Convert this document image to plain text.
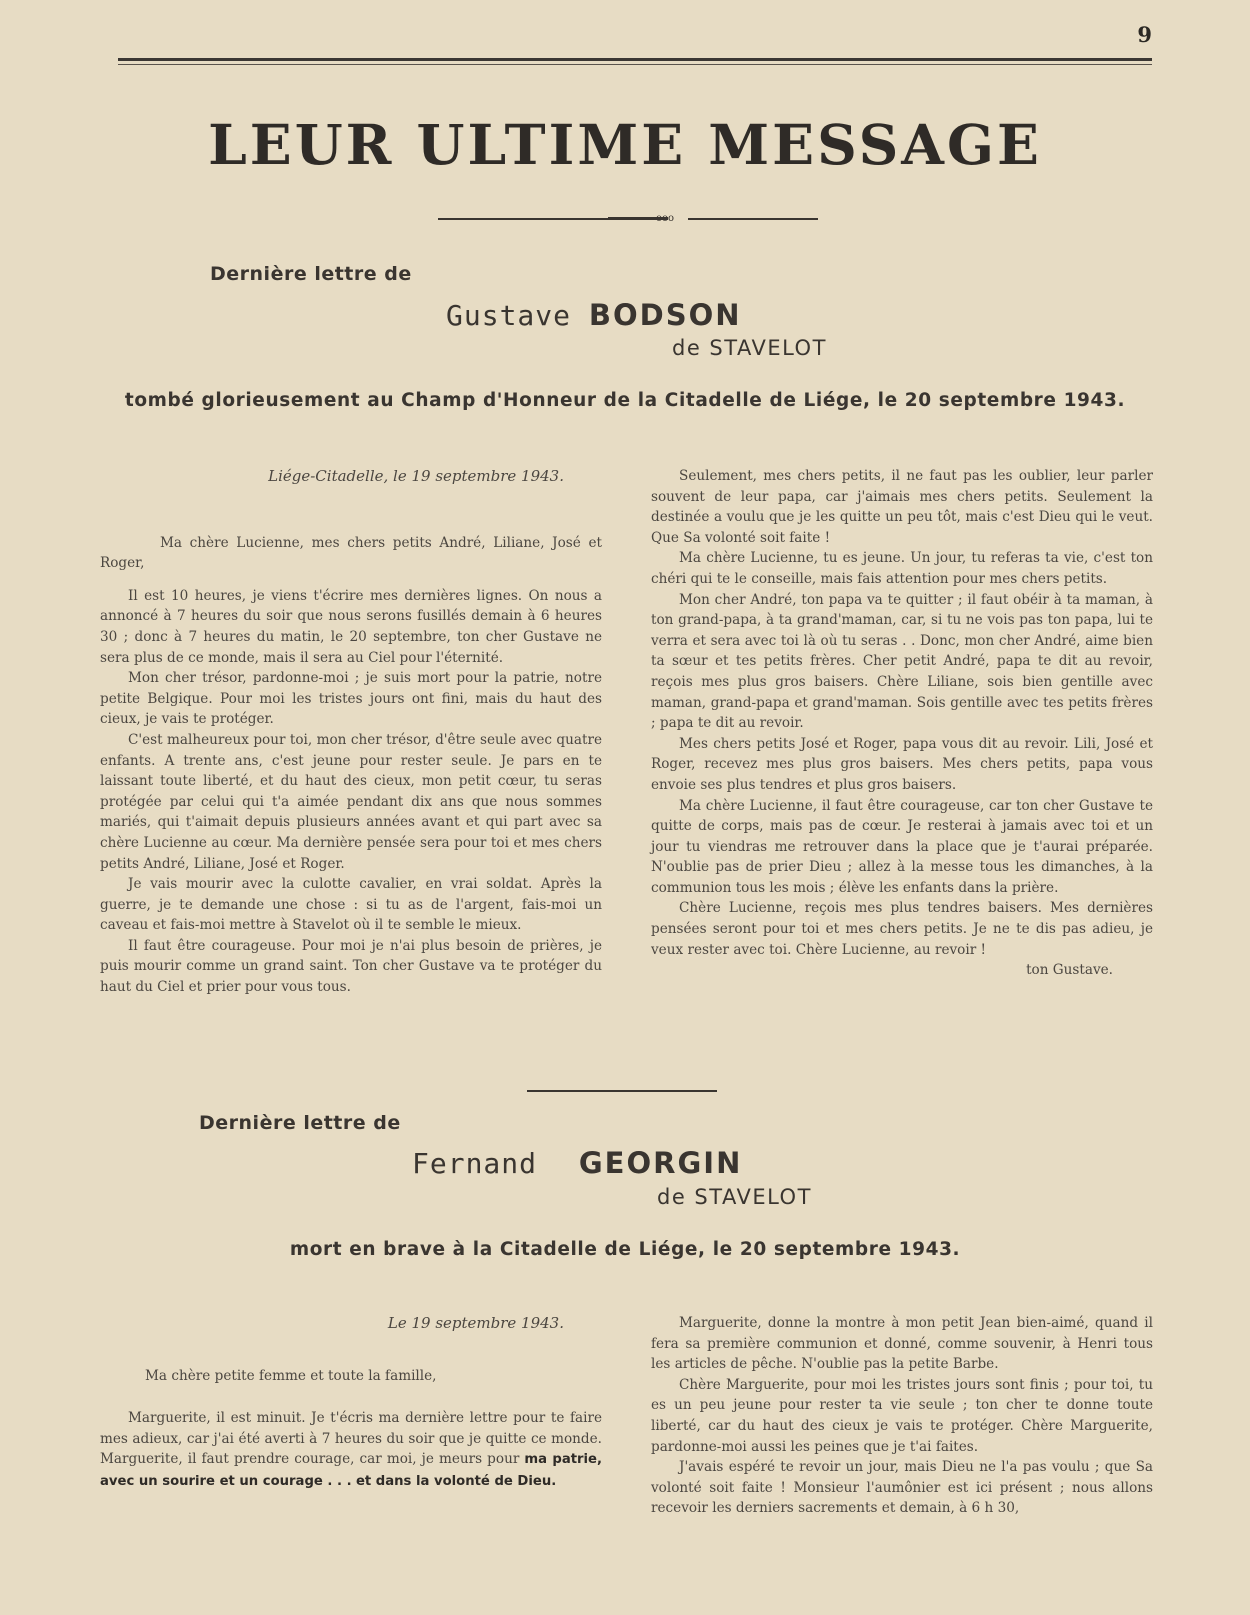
9
LEUR ULTIME MESSAGE
ooo
Dernière lettre de
Gustave BODSON
de STAVELOT
tombé glorieusement au Champ d'Honneur de la Citadelle de Liége, le 20 septembre 1943.

Liége-Citadelle, le 19 septembre 1943.

Ma chère Lucienne, mes chers petits André, Liliane, José et Roger,

Il est 10 heures, je viens t'écrire mes dernières lignes. On nous a annoncé à 7 heures du soir que nous serons fusillés demain à 6 heures 30 ; donc à 7 heures du matin, le 20 septembre, ton cher Gustave ne sera plus de ce monde, mais il sera au Ciel pour l'éternité.

Mon cher trésor, pardonne-moi ; je suis mort pour la patrie, notre petite Belgique. Pour moi les tristes jours ont fini, mais du haut des cieux, je vais te protéger.

C'est malheureux pour toi, mon cher trésor, d'être seule avec quatre enfants. A trente ans, c'est jeune pour rester seule. Je pars en te laissant toute liberté, et du haut des cieux, mon petit cœur, tu seras protégée par celui qui t'a aimée pendant dix ans que nous sommes mariés, qui t'aimait depuis plusieurs années avant et qui part avec sa chère Lucienne au cœur. Ma dernière pensée sera pour toi et mes chers petits André, Liliane, José et Roger.

Je vais mourir avec la culotte cavalier, en vrai soldat. Après la guerre, je te demande une chose : si tu as de l'argent, fais-moi un caveau et fais-moi mettre à Stavelot où il te semble le mieux.

Il faut être courageuse. Pour moi je n'ai plus besoin de prières, je puis mourir comme un grand saint. Ton cher Gustave va te protéger du haut du Ciel et prier pour vous tous.

Seulement, mes chers petits, il ne faut pas les oublier, leur parler souvent de leur papa, car j'aimais mes chers petits. Seulement la destinée a voulu que je les quitte un peu tôt, mais c'est Dieu qui le veut. Que Sa volonté soit faite !

Ma chère Lucienne, tu es jeune. Un jour, tu referas ta vie, c'est ton chéri qui te le conseille, mais fais attention pour mes chers petits.

Mon cher André, ton papa va te quitter ; il faut obéir à ta maman, à ton grand-papa, à ta grand'maman, car, si tu ne vois pas ton papa, lui te verra et sera avec toi là où tu seras . . Donc, mon cher André, aime bien ta sœur et tes petits frères. Cher petit André, papa te dit au revoir, reçois mes plus gros baisers. Chère Liliane, sois bien gentille avec maman, grand-papa et grand'maman. Sois gentille avec tes petits frères ; papa te dit au revoir.

Mes chers petits José et Roger, papa vous dit au revoir. Lili, José et Roger, recevez mes plus gros baisers. Mes chers petits, papa vous envoie ses plus tendres et plus gros baisers.

Ma chère Lucienne, il faut être courageuse, car ton cher Gustave te quitte de corps, mais pas de cœur. Je resterai à jamais avec toi et un jour tu viendras me retrouver dans la place que je t'aurai préparée. N'oublie pas de prier Dieu ; allez à la messe tous les dimanches, à la communion tous les mois ; élève les enfants dans la prière.

Chère Lucienne, reçois mes plus tendres baisers. Mes dernières pensées seront pour toi et mes chers petits. Je ne te dis pas adieu, je veux rester avec toi. Chère Lucienne, au revoir !

ton Gustave.

Dernière lettre de
Fernand GEORGIN
de STAVELOT
mort en brave à la Citadelle de Liége, le 20 septembre 1943.

Le 19 septembre 1943.

Ma chère petite femme et toute la famille,

Marguerite, il est minuit. Je t'écris ma dernière lettre pour te faire mes adieux, car j'ai été averti à 7 heures du soir que je quitte ce monde. Marguerite, il faut prendre courage, car moi, je meurs pour ma patrie, avec un sourire et un courage . . . et dans la volonté de Dieu.

Marguerite, donne la montre à mon petit Jean bien-aimé, quand il fera sa première communion et donné, comme souvenir, à Henri tous les articles de pêche. N'oublie pas la petite Barbe.

Chère Marguerite, pour moi les tristes jours sont finis ; pour toi, tu es un peu jeune pour rester ta vie seule ; ton cher te donne toute liberté, car du haut des cieux je vais te protéger. Chère Marguerite, pardonne-moi aussi les peines que je t'ai faites.

J'avais espéré te revoir un jour, mais Dieu ne l'a pas voulu ; que Sa volonté soit faite ! Monsieur l'aumônier est ici présent ; nous allons recevoir les derniers sacrements et demain, à 6 h 30,
